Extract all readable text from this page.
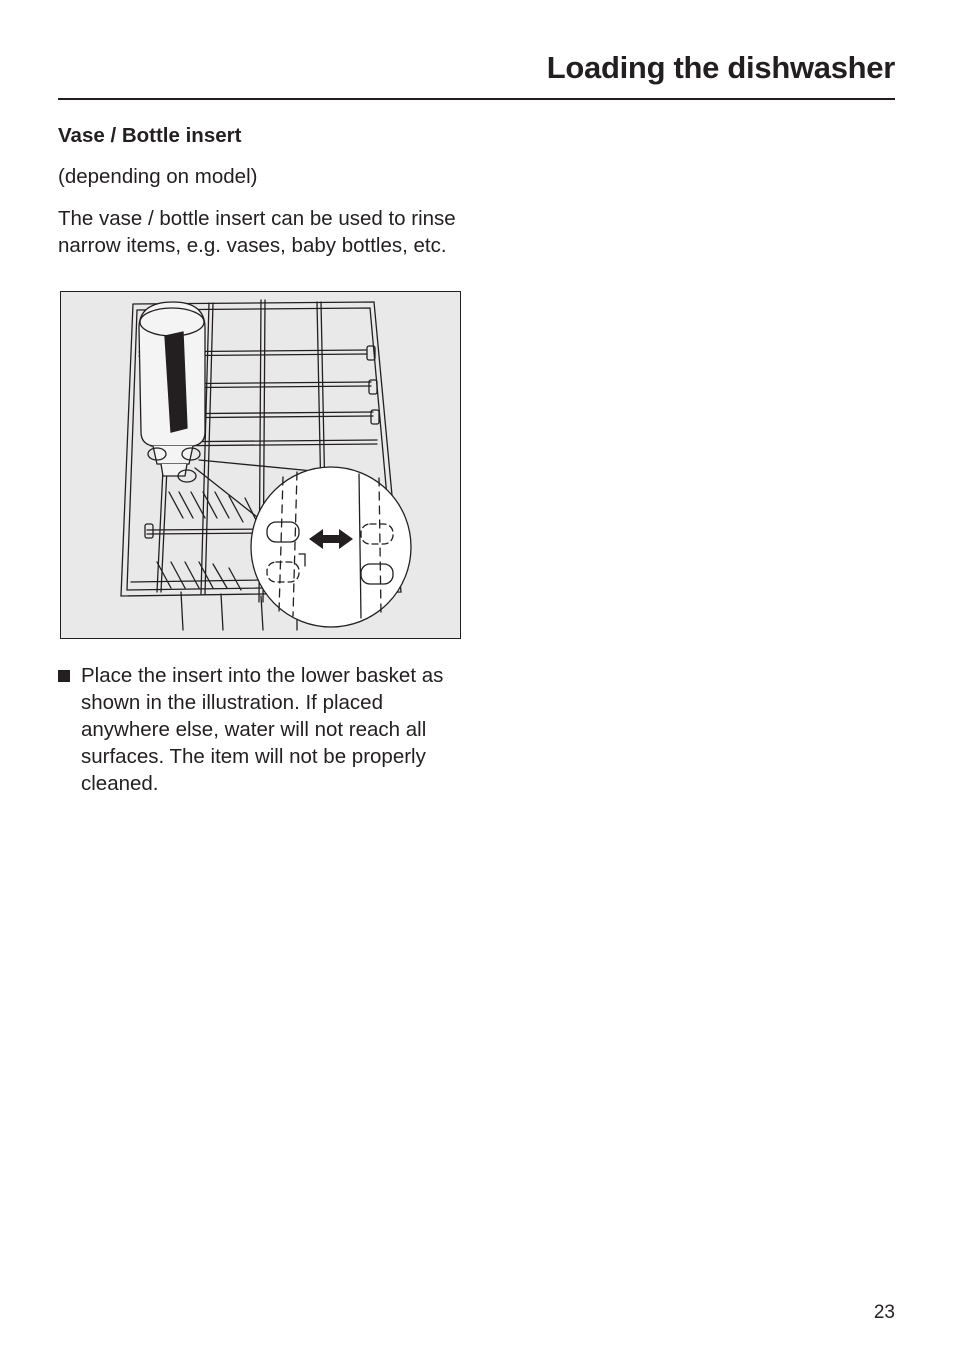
Loading the dishwasher
Vase / Bottle insert
(depending on model)
The vase / bottle insert can be used to rinse narrow items, e.g. vases, baby bottles, etc.
Place the insert into the lower basket as shown in the illustration. If placed anywhere else, water will not reach all surfaces. The item will not be properly cleaned.
23
